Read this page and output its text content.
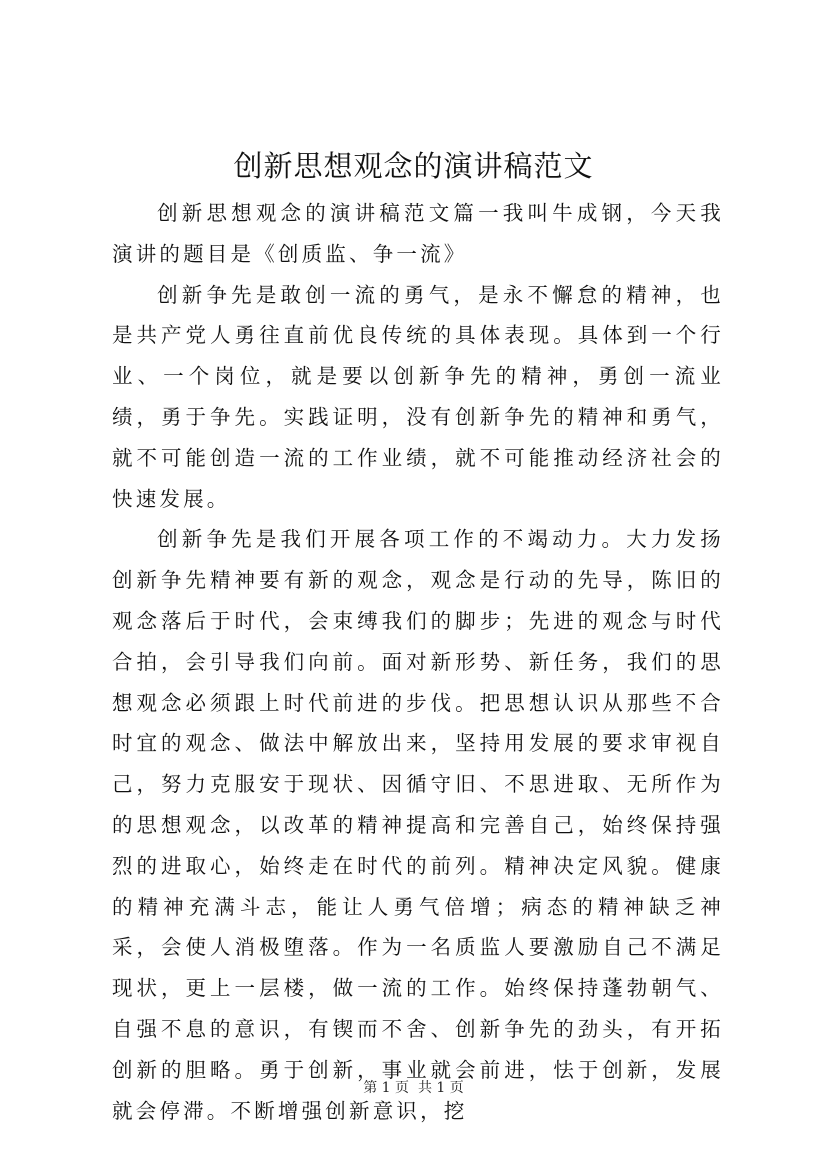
创新思想观念的演讲稿范文

创新思想观念的演讲稿范文篇一我叫牛成钢，今天我演讲的题目是《创质监、争一流》

创新争先是敢创一流的勇气，是永不懈怠的精神，也是共产党人勇往直前优良传统的具体表现。具体到一个行业、一个岗位，就是要以创新争先的精神，勇创一流业绩，勇于争先。实践证明，没有创新争先的精神和勇气，就不可能创造一流的工作业绩，就不可能推动经济社会的快速发展。

创新争先是我们开展各项工作的不竭动力。大力发扬创新争先精神要有新的观念，观念是行动的先导，陈旧的观念落后于时代，会束缚我们的脚步；先进的观念与时代合拍，会引导我们向前。面对新形势、新任务，我们的思想观念必须跟上时代前进的步伐。把思想认识从那些不合时宜的观念、做法中解放出来，坚持用发展的要求审视自己，努力克服安于现状、因循守旧、不思进取、无所作为的思想观念，以改革的精神提高和完善自己，始终保持强烈的进取心，始终走在时代的前列。精神决定风貌。健康的精神充满斗志，能让人勇气倍增；病态的精神缺乏神采，会使人消极堕落。作为一名质监人要激励自己不满足现状，更上一层楼，做一流的工作。始终保持蓬勃朝气、自强不息的意识，有锲而不舍、创新争先的劲头，有开拓创新的胆略。勇于创新，事业就会前进，怯于创新，发展就会停滞。不断增强创新意识，挖

第 1 页  共 1 页
